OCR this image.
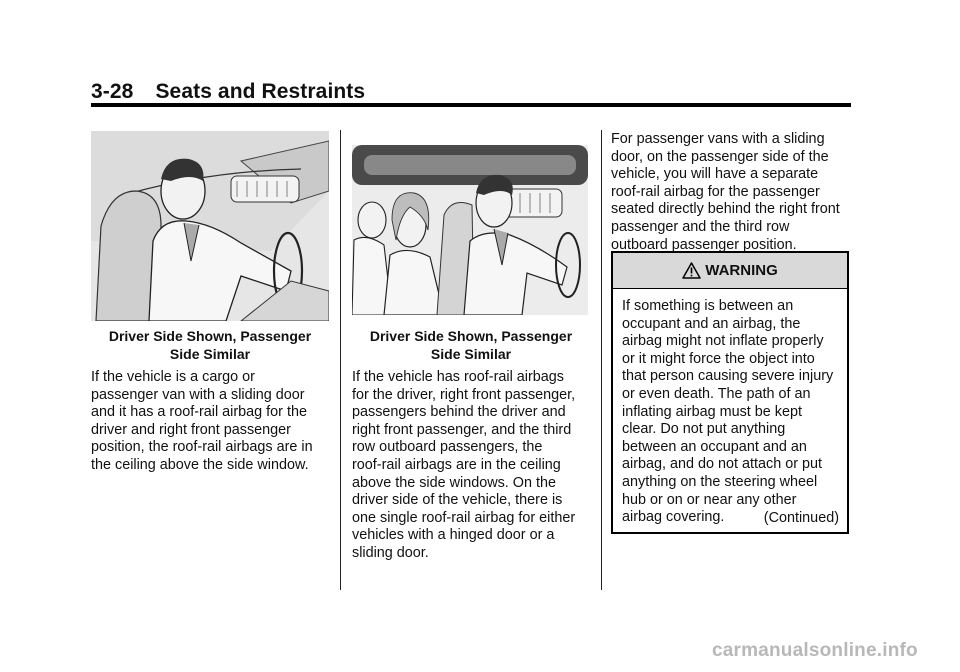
3-28 Seats and Restraints
Driver Side Shown, Passenger
Side Similar
If the vehicle is a cargo or
passenger van with a sliding door
and it has a roof-rail airbag for the
driver and right front passenger
position, the roof-rail airbags are in
the ceiling above the side window.
Driver Side Shown, Passenger
Side Similar
If the vehicle has roof-rail airbags
for the driver, right front passenger,
passengers behind the driver and
right front passenger, and the third
row outboard passengers, the
roof-rail airbags are in the ceiling
above the side windows. On the
driver side of the vehicle, there is
one single roof-rail airbag for either
vehicles with a hinged door or a
sliding door.
For passenger vans with a sliding
door, on the passenger side of the
vehicle, you will have a separate
roof-rail airbag for the passenger
seated directly behind the right front
passenger and the third row
outboard passenger position.
WARNING
If something is between an
occupant and an airbag, the
airbag might not inflate properly
or it might force the object into
that person causing severe injury
or even death. The path of an
inflating airbag must be kept
clear. Do not put anything
between an occupant and an
airbag, and do not attach or put
anything on the steering wheel
hub or on or near any other
airbag covering.	(Continued)
carmanualsonline.info
